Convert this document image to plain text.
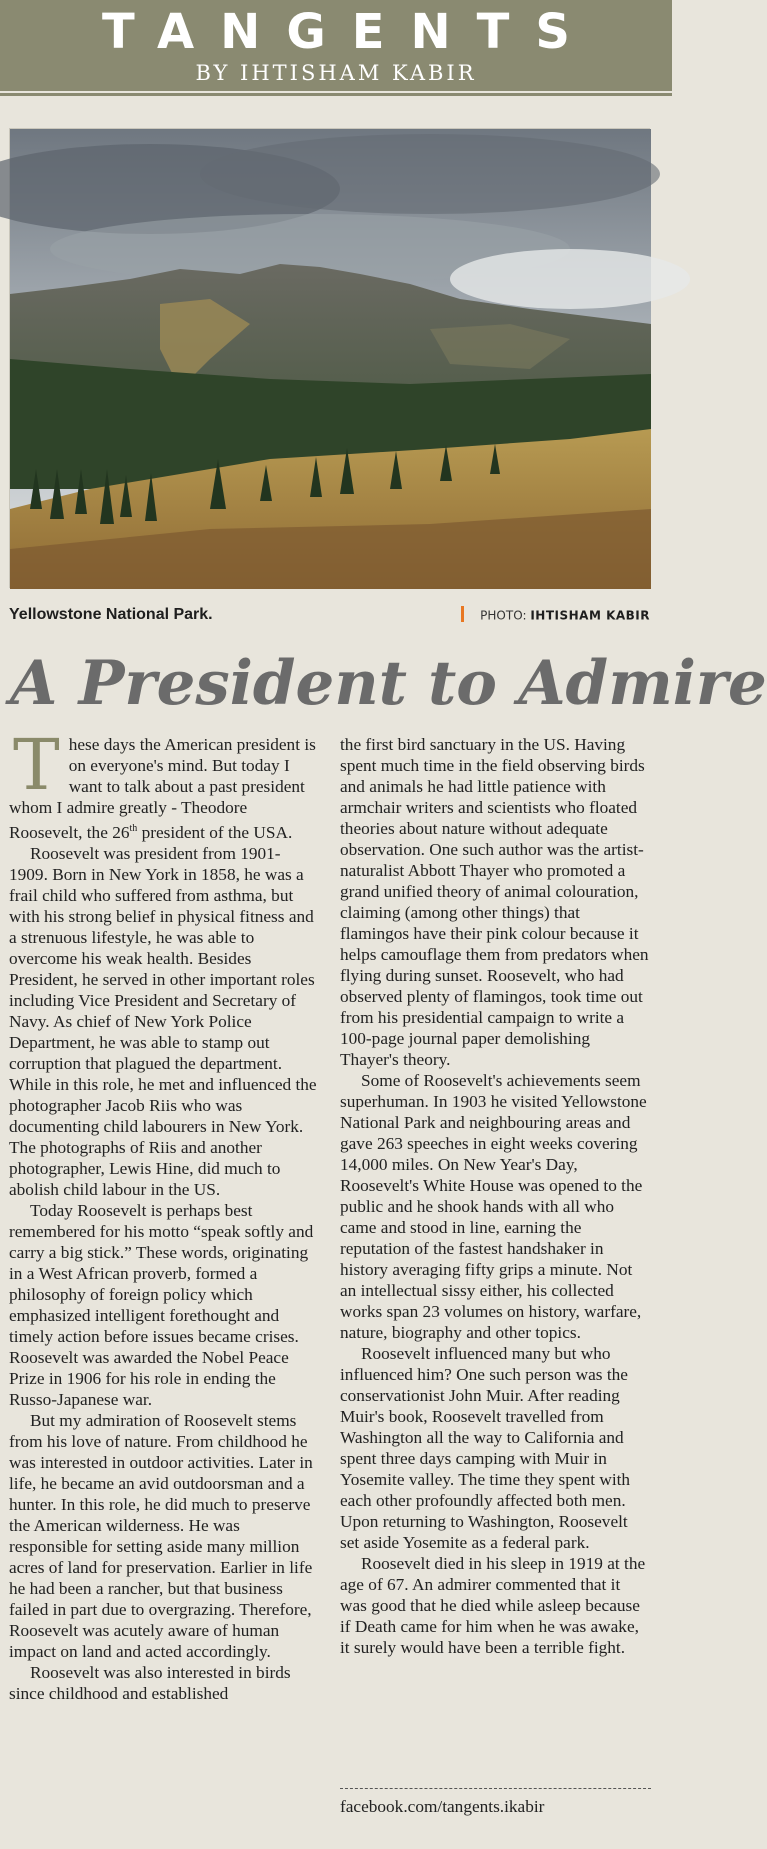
TANGENTS
BY IHTISHAM KABIR
Yellowstone National Park.	PHOTO: IHTISHAM KABIR
A President to Admire

These days the American president is on everyone's mind. But today I want to talk about a past president whom I admire greatly - Theodore Roosevelt, the 26th president of the USA.

Roosevelt was president from 1901-1909. Born in New York in 1858, he was a frail child who suffered from asthma, but with his strong belief in physical fitness and a strenuous lifestyle, he was able to overcome his weak health. Besides President, he served in other important roles including Vice President and Secretary of Navy. As chief of New York Police Department, he was able to stamp out corruption that plagued the department. While in this role, he met and influenced the photographer Jacob Riis who was documenting child labourers in New York. The photographs of Riis and another photographer, Lewis Hine, did much to abolish child labour in the US.

Today Roosevelt is perhaps best remembered for his motto “speak softly and carry a big stick.” These words, originating in a West African proverb, formed a philosophy of foreign policy which emphasized intelligent forethought and timely action before issues became crises. Roosevelt was awarded the Nobel Peace Prize in 1906 for his role in ending the Russo-Japanese war.

But my admiration of Roosevelt stems from his love of nature. From childhood he was interested in outdoor activities. Later in life, he became an avid outdoorsman and a hunter. In this role, he did much to preserve the American wilderness. He was responsible for setting aside many million acres of land for preservation. Earlier in life he had been a rancher, but that business failed in part due to overgrazing. Therefore, Roosevelt was acutely aware of human impact on land and acted accordingly.

Roosevelt was also interested in birds since childhood and established

the first bird sanctuary in the US. Having spent much time in the field observing birds and animals he had little patience with armchair writers and scientists who floated theories about nature without adequate observation. One such author was the artist-naturalist Abbott Thayer who promoted a grand unified theory of animal colouration, claiming (among other things) that flamingos have their pink colour because it helps camouflage them from predators when flying during sunset. Roosevelt, who had observed plenty of flamingos, took time out from his presidential campaign to write a 100-page journal paper demolishing Thayer's theory.

Some of Roosevelt's achievements seem superhuman. In 1903 he visited Yellowstone National Park and neighbouring areas and gave 263 speeches in eight weeks covering 14,000 miles. On New Year's Day, Roosevelt's White House was opened to the public and he shook hands with all who came and stood in line, earning the reputation of the fastest handshaker in history averaging fifty grips a minute. Not an intellectual sissy either, his collected works span 23 volumes on history, warfare, nature, biography and other topics.

Roosevelt influenced many but who influenced him? One such person was the conservationist John Muir. After reading Muir's book, Roosevelt travelled from Washington all the way to California and spent three days camping with Muir in Yosemite valley. The time they spent with each other profoundly affected both men. Upon returning to Washington, Roosevelt set aside Yosemite as a federal park.

Roosevelt died in his sleep in 1919 at the age of 67. An admirer commented that it was good that he died while asleep because if Death came for him when he was awake, it surely would have been a terrible fight.

facebook.com/tangents.ikabir
